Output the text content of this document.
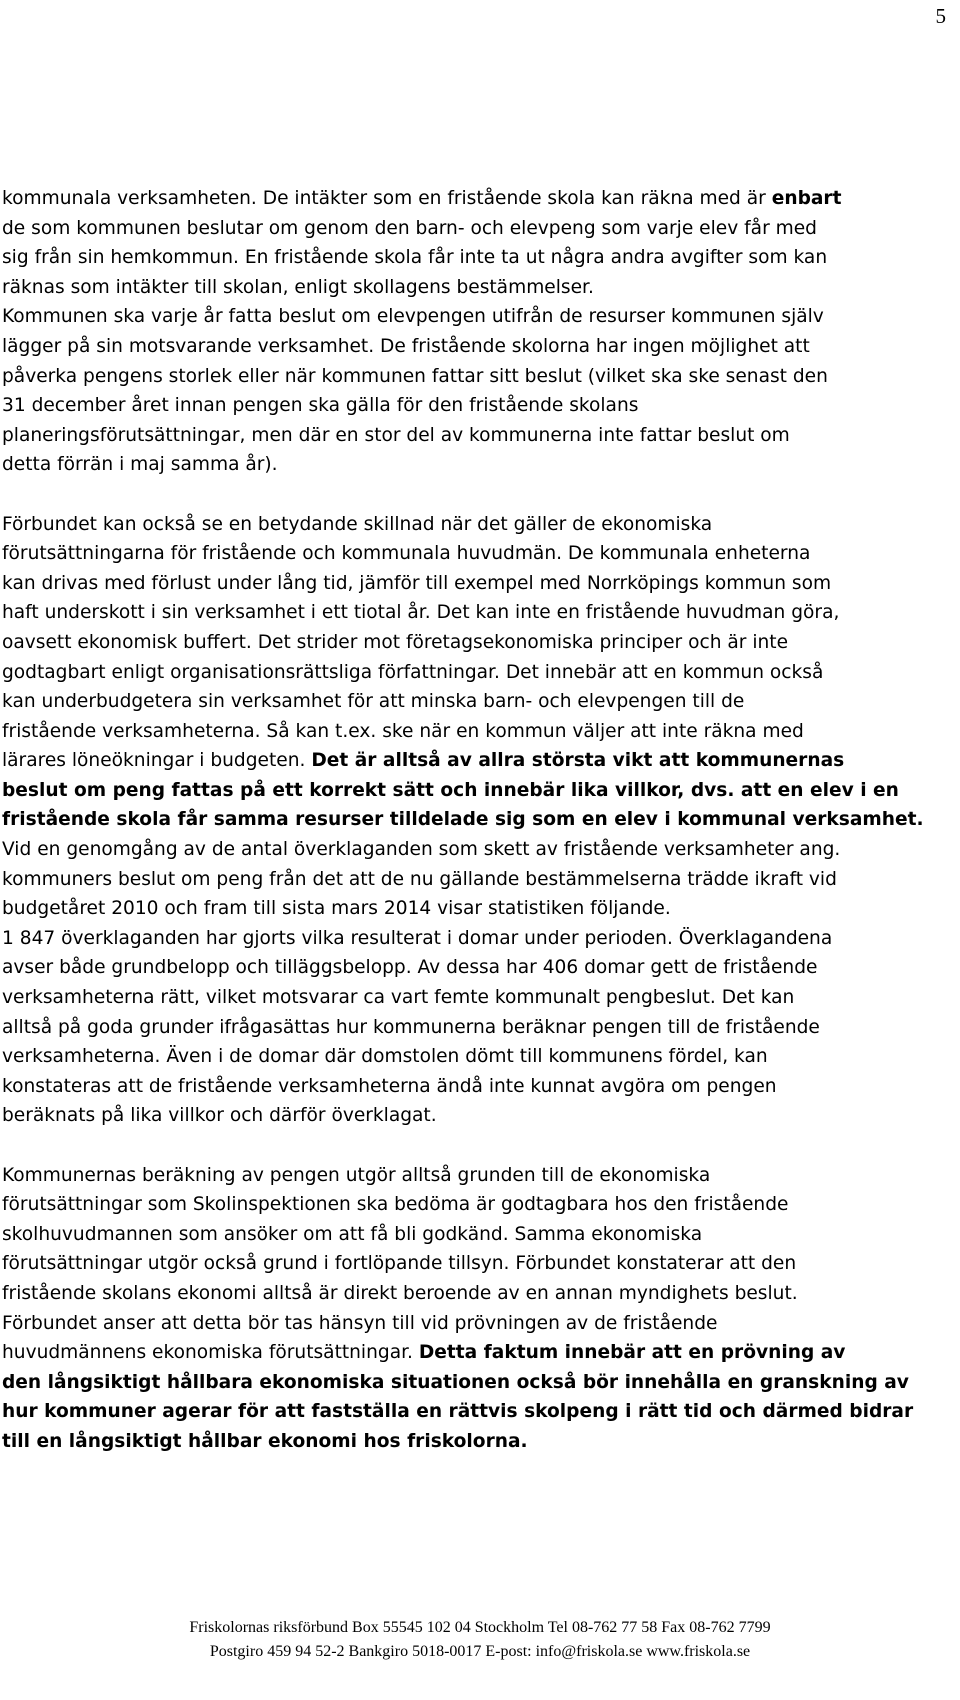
5
kommunala verksamheten. De intäkter som en fristående skola kan räkna med är enbart
de som kommunen beslutar om genom den barn- och elevpeng som varje elev får med
sig från sin hemkommun. En fristående skola får inte ta ut några andra avgifter som kan
räknas som intäkter till skolan, enligt skollagens bestämmelser.
Kommunen ska varje år fatta beslut om elevpengen utifrån de resurser kommunen själv
lägger på sin motsvarande verksamhet. De fristående skolorna har ingen möjlighet att
påverka pengens storlek eller när kommunen fattar sitt beslut (vilket ska ske senast den
31 december året innan pengen ska gälla för den fristående skolans
planeringsförutsättningar, men där en stor del av kommunerna inte fattar beslut om
detta förrän i maj samma år).
Förbundet kan också se en betydande skillnad när det gäller de ekonomiska
förutsättningarna för fristående och kommunala huvudmän. De kommunala enheterna
kan drivas med förlust under lång tid, jämför till exempel med Norrköpings kommun som
haft underskott i sin verksamhet i ett tiotal år. Det kan inte en fristående huvudman göra,
oavsett ekonomisk buffert. Det strider mot företagsekonomiska principer och är inte
godtagbart enligt organisationsrättsliga författningar. Det innebär att en kommun också
kan underbudgetera sin verksamhet för att minska barn- och elevpengen till de
fristående verksamheterna. Så kan t.ex. ske när en kommun väljer att inte räkna med
lärares löneökningar i budgeten. Det är alltså av allra största vikt att kommunernas
beslut om peng fattas på ett korrekt sätt och innebär lika villkor, dvs. att en elev i en
fristående skola får samma resurser tilldelade sig som en elev i kommunal verksamhet.
Vid en genomgång av de antal överklaganden som skett av fristående verksamheter ang.
kommuners beslut om peng från det att de nu gällande bestämmelserna trädde ikraft vid
budgetåret 2010 och fram till sista mars 2014 visar statistiken följande.
1 847 överklaganden har gjorts vilka resulterat i domar under perioden. Överklagandena
avser både grundbelopp och tilläggsbelopp. Av dessa har 406 domar gett de fristående
verksamheterna rätt, vilket motsvarar ca vart femte kommunalt pengbeslut. Det kan
alltså på goda grunder ifrågasättas hur kommunerna beräknar pengen till de fristående
verksamheterna. Även i de domar där domstolen dömt till kommunens fördel, kan
konstateras att de fristående verksamheterna ändå inte kunnat avgöra om pengen
beräknats på lika villkor och därför överklagat.
Kommunernas beräkning av pengen utgör alltså grunden till de ekonomiska
förutsättningar som Skolinspektionen ska bedöma är godtagbara hos den fristående
skolhuvudmannen som ansöker om att få bli godkänd. Samma ekonomiska
förutsättningar utgör också grund i fortlöpande tillsyn. Förbundet konstaterar att den
fristående skolans ekonomi alltså är direkt beroende av en annan myndighets beslut.
Förbundet anser att detta bör tas hänsyn till vid prövningen av de fristående
huvudmännens ekonomiska förutsättningar. Detta faktum innebär att en prövning av
den långsiktigt hållbara ekonomiska situationen också bör innehålla en granskning av
hur kommuner agerar för att fastställa en rättvis skolpeng i rätt tid och därmed bidrar
till en långsiktigt hållbar ekonomi hos friskolorna.
Friskolornas riksförbund Box 55545 102 04 Stockholm Tel 08-762 77 58 Fax 08-762 7799
Postgiro 459 94 52-2 Bankgiro 5018-0017 E-post: info@friskola.se www.friskola.se
